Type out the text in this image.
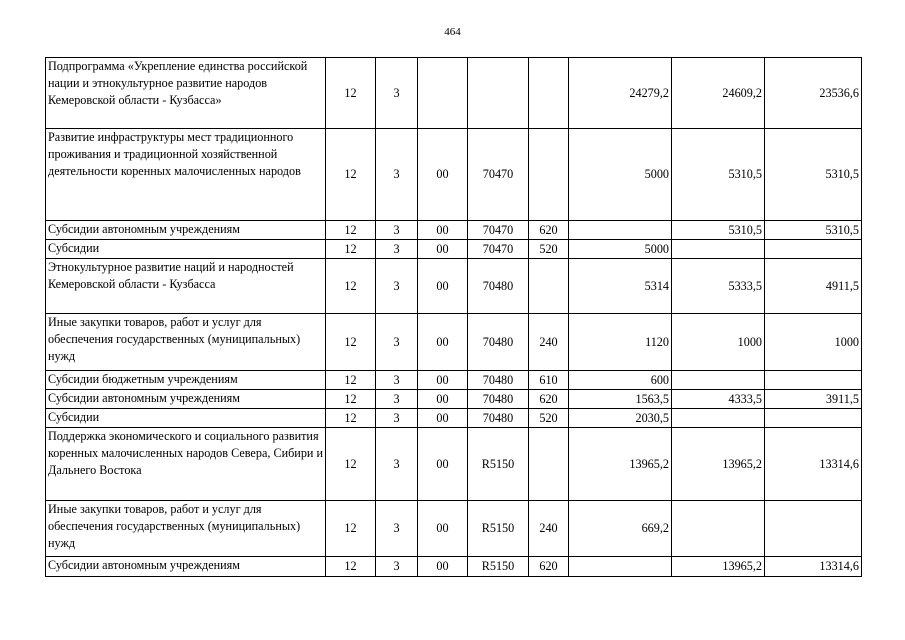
464
Подпрограмма «Укрепление единства российской нации и этнокультурное развитие народов Кемеровской области - Кузбасса»	12	3				24279,2	24609,2	23536,6
Развитие инфраструктуры мест традиционного проживания и традиционной хозяйственной деятельности коренных малочисленных народов	12	3	00	70470		5000	5310,5	5310,5
Субсидии автономным учреждениям	12	3	00	70470	620		5310,5	5310,5
Субсидии	12	3	00	70470	520	5000		
Этнокультурное развитие наций и народностей Кемеровской области - Кузбасса	12	3	00	70480		5314	5333,5	4911,5
Иные закупки товаров, работ и услуг для обеспечения государственных (муниципальных) нужд	12	3	00	70480	240	1120	1000	1000
Субсидии бюджетным учреждениям	12	3	00	70480	610	600		
Субсидии автономным учреждениям	12	3	00	70480	620	1563,5	4333,5	3911,5
Субсидии	12	3	00	70480	520	2030,5		
Поддержка экономического и социального развития коренных малочисленных народов Севера, Сибири и Дальнего Востока	12	3	00	R5150		13965,2	13965,2	13314,6
Иные закупки товаров, работ и услуг для обеспечения государственных (муниципальных) нужд	12	3	00	R5150	240	669,2		
Субсидии автономным учреждениям	12	3	00	R5150	620		13965,2	13314,6
